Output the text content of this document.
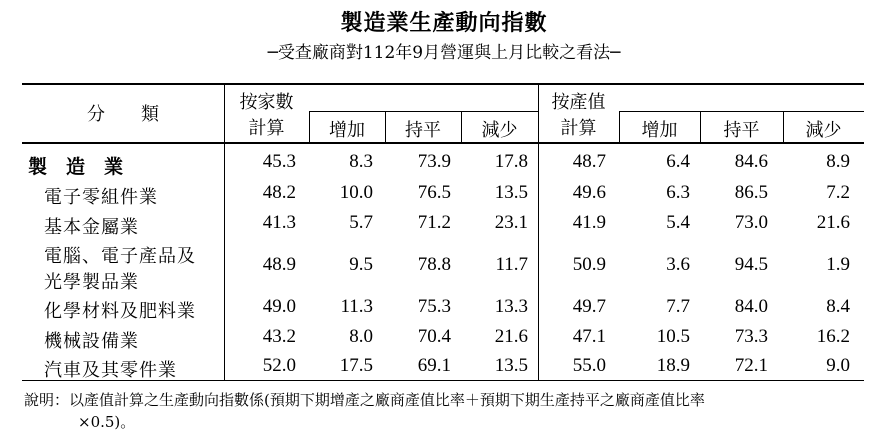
製造業生產動向指數
─受查廠商對112年9月營運與上月比較之看法─
分　　類
按家數
計算	增加	持平	減少
按產值
計算	增加	持平	減少
製　造　業	45.3	8.3	73.9	17.8	48.7	6.4	84.6	8.9
電子零組件業	48.2	10.0	76.5	13.5	49.6	6.3	86.5	7.2
基本金屬業	41.3	5.7	71.2	23.1	41.9	5.4	73.0	21.6
電腦、電子產品及
光學製品業
48.9	9.5	78.8	11.7	50.9	3.6	94.5	1.9
化學材料及肥料業	49.0	11.3	75.3	13.3	49.7	7.7	84.0	8.4
機械設備業	43.2	8.0	70.4	21.6	47.1	10.5	73.3	16.2
汽車及其零件業	52.0	17.5	69.1	13.5	55.0	18.9	72.1	9.0
說明：以產值計算之生產動向指數係(預期下期增產之廠商產值比率＋預期下期生產持平之廠商產值比率
×0.5)。
